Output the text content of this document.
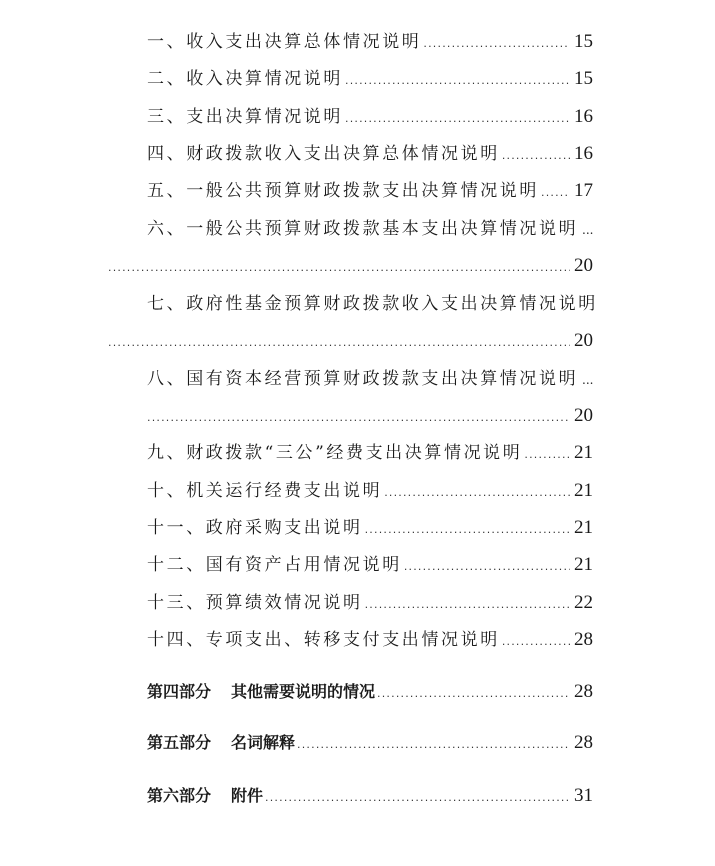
一、收入支出决算总体情况说明 .....	15
二、收入决算情况说明 .....	15
三、支出决算情况说明 .....	16
四、财政拨款收入支出决算总体情况说明 .....	16
五、一般公共预算财政拨款支出决算情况说明 ..... 17
六、一般公共预算财政拨款基本支出决算情况说明 ....
.....
20
七、政府性基金预算财政拨款收入支出决算情况说明
.....
20
八、国有资本经营预算财政拨款支出决算情况说明 ....
.....
20
九、财政拨款“三公”经费支出决算情况说明 .....	21
十、机关运行经费支出说明 .....	21
十一、政府采购支出说明 .....	21
十二、国有资产占用情况说明 .....	21
十三、预算绩效情况说明 .....	22
十四、专项支出、转移支付支出情况说明 .....	28
第四部分 其他需要说明的情况 .....	28
第五部分 名词解释 .....	28
第六部分 附件 .....	31
